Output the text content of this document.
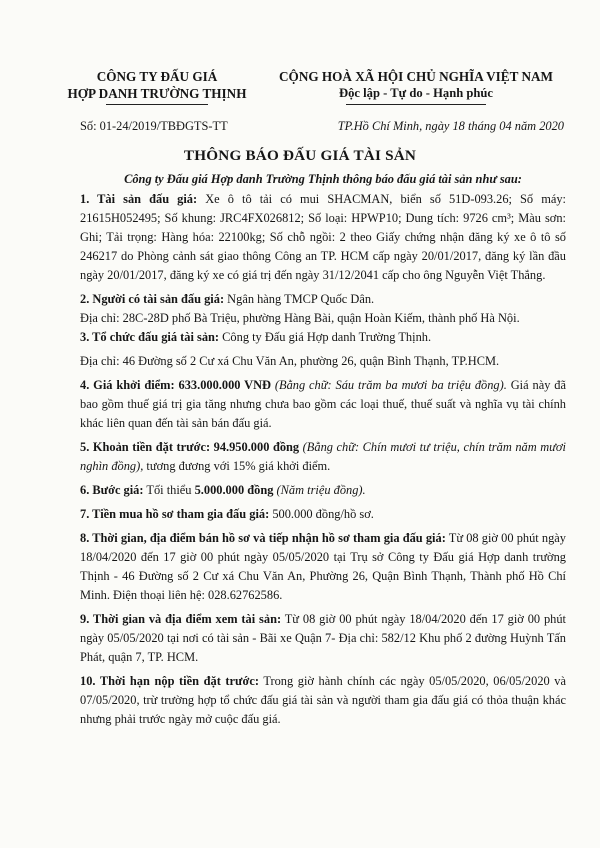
CÔNG TY ĐẤU GIÁ
HỢP DANH TRƯỜNG THỊNH
CỘNG HOÀ XÃ HỘI CHỦ NGHĨA VIỆT NAM
Độc lập - Tự do - Hạnh phúc
Số: 01-24/2019/TBĐGTS-TT	TP.Hồ Chí Minh, ngày 18 tháng 04 năm 2020
THÔNG BÁO ĐẤU GIÁ TÀI SẢN
Công ty Đấu giá Hợp danh Trường Thịnh thông báo đấu giá tài sản như sau:

1. Tài sản đấu giá: Xe ô tô tải có mui SHACMAN, biển số 51D-093.26; Số máy: 21615H052495; Số khung: JRC4FX026812; Số loại: HPWP10; Dung tích: 9726 cm³; Màu sơn: Ghi; Tải trọng: Hàng hóa: 22100kg; Số chỗ ngồi: 2 theo Giấy chứng nhận đăng ký xe ô tô số 246217 do Phòng cảnh sát giao thông Công an TP. HCM cấp ngày 20/01/2017, đăng ký lần đầu ngày 20/01/2017, đăng ký xe có giá trị đến ngày 31/12/2041 cấp cho ông Nguyễn Việt Thắng.

2. Người có tài sản đấu giá: Ngân hàng TMCP Quốc Dân.

Địa chỉ: 28C-28D phố Bà Triệu, phường Hàng Bài, quận Hoàn Kiếm, thành phố Hà Nội.

3. Tổ chức đấu giá tài sản: Công ty Đấu giá Hợp danh Trường Thịnh.

Địa chỉ: 46 Đường số 2 Cư xá Chu Văn An, phường 26, quận Bình Thạnh, TP.HCM.

4. Giá khởi điểm: 633.000.000 VNĐ (Bằng chữ: Sáu trăm ba mươi ba triệu đồng). Giá này đã bao gồm thuế giá trị gia tăng nhưng chưa bao gồm các loại thuế, thuế suất và nghĩa vụ tài chính khác liên quan đến tài sản bán đấu giá.

5. Khoản tiền đặt trước: 94.950.000 đồng (Bằng chữ: Chín mươi tư triệu, chín trăm năm mươi nghìn đồng), tương đương với 15% giá khởi điểm.

6. Bước giá: Tối thiểu 5.000.000 đồng (Năm triệu đồng).

7. Tiền mua hồ sơ tham gia đấu giá: 500.000 đồng/hồ sơ.

8. Thời gian, địa điểm bán hồ sơ và tiếp nhận hồ sơ tham gia đấu giá: Từ 08 giờ 00 phút ngày 18/04/2020 đến 17 giờ 00 phút ngày 05/05/2020 tại Trụ sở Công ty Đấu giá Hợp danh trường Thịnh - 46 Đường số 2 Cư xá Chu Văn An, Phường 26, Quận Bình Thạnh, Thành phố Hồ Chí Minh. Điện thoại liên hệ: 028.62762586.

9. Thời gian và địa điểm xem tài sản: Từ 08 giờ 00 phút ngày 18/04/2020 đến 17 giờ 00 phút ngày 05/05/2020 tại nơi có tài sản - Bãi xe Quận 7- Địa chỉ: 582/12 Khu phố 2 đường Huỳnh Tấn Phát, quận 7, TP. HCM.

10. Thời hạn nộp tiền đặt trước: Trong giờ hành chính các ngày 05/05/2020, 06/05/2020 và 07/05/2020, trừ trường hợp tổ chức đấu giá tài sản và người tham gia đấu giá có thỏa thuận khác nhưng phải trước ngày mở cuộc đấu giá.
